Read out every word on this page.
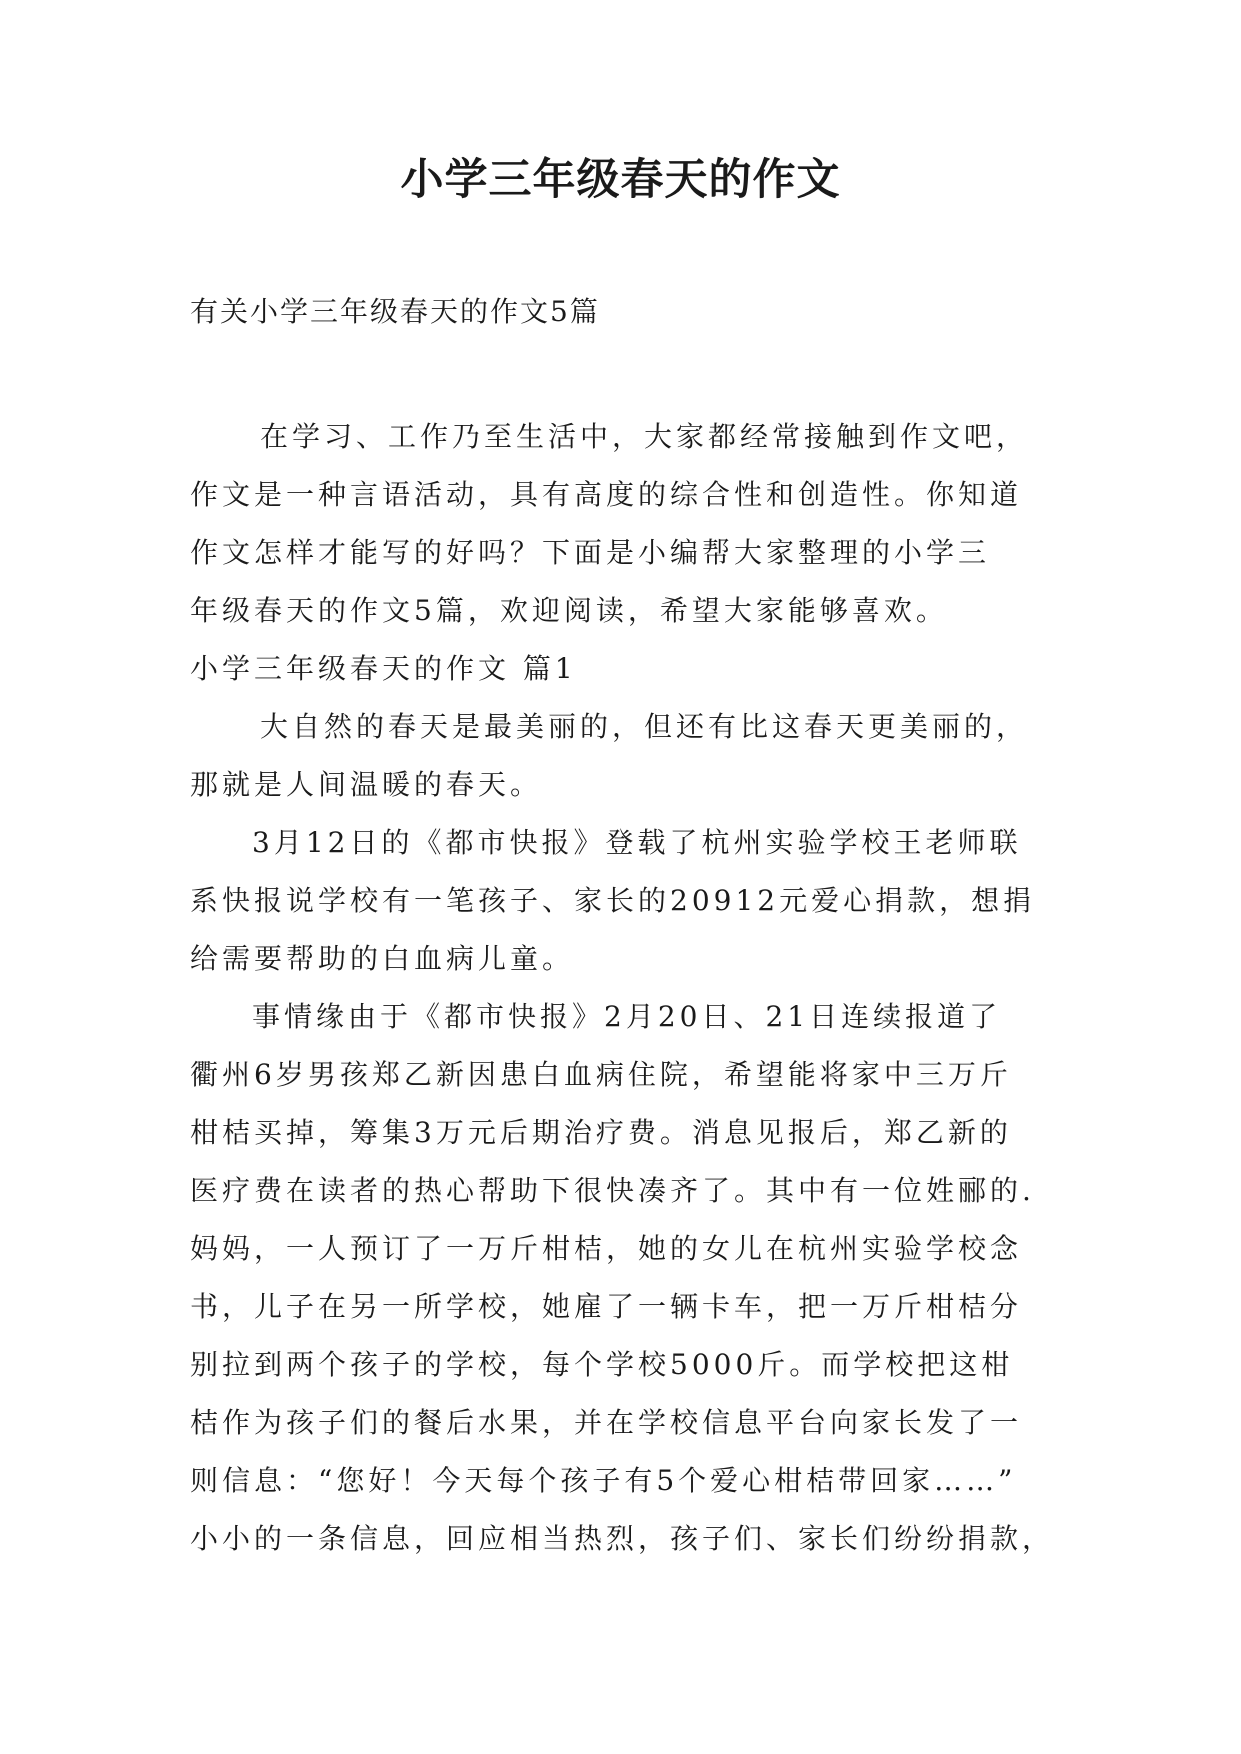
小学三年级春天的作文
有关小学三年级春天的作文5篇
在学习、工作乃至生活中，大家都经常接触到作文吧，
作文是一种言语活动，具有高度的综合性和创造性。你知道
作文怎样才能写的好吗？下面是小编帮大家整理的小学三
年级春天的作文5篇，欢迎阅读，希望大家能够喜欢。
小学三年级春天的作文 篇1
大自然的春天是最美丽的，但还有比这春天更美丽的，
那就是人间温暖的春天。
3月12日的《都市快报》登载了杭州实验学校王老师联
系快报说学校有一笔孩子、家长的20912元爱心捐款，想捐
给需要帮助的白血病儿童。
事情缘由于《都市快报》2月20日、21日连续报道了
衢州6岁男孩郑乙新因患白血病住院，希望能将家中三万斤
柑桔买掉，筹集3万元后期治疗费。消息见报后，郑乙新的
医疗费在读者的热心帮助下很快凑齐了。其中有一位姓郦的.
妈妈，一人预订了一万斤柑桔，她的女儿在杭州实验学校念
书，儿子在另一所学校，她雇了一辆卡车，把一万斤柑桔分
别拉到两个孩子的学校，每个学校5000斤。而学校把这柑
桔作为孩子们的餐后水果，并在学校信息平台向家长发了一
则信息：“您好！今天每个孩子有5个爱心柑桔带回家……”
小小的一条信息，回应相当热烈，孩子们、家长们纷纷捐款，
